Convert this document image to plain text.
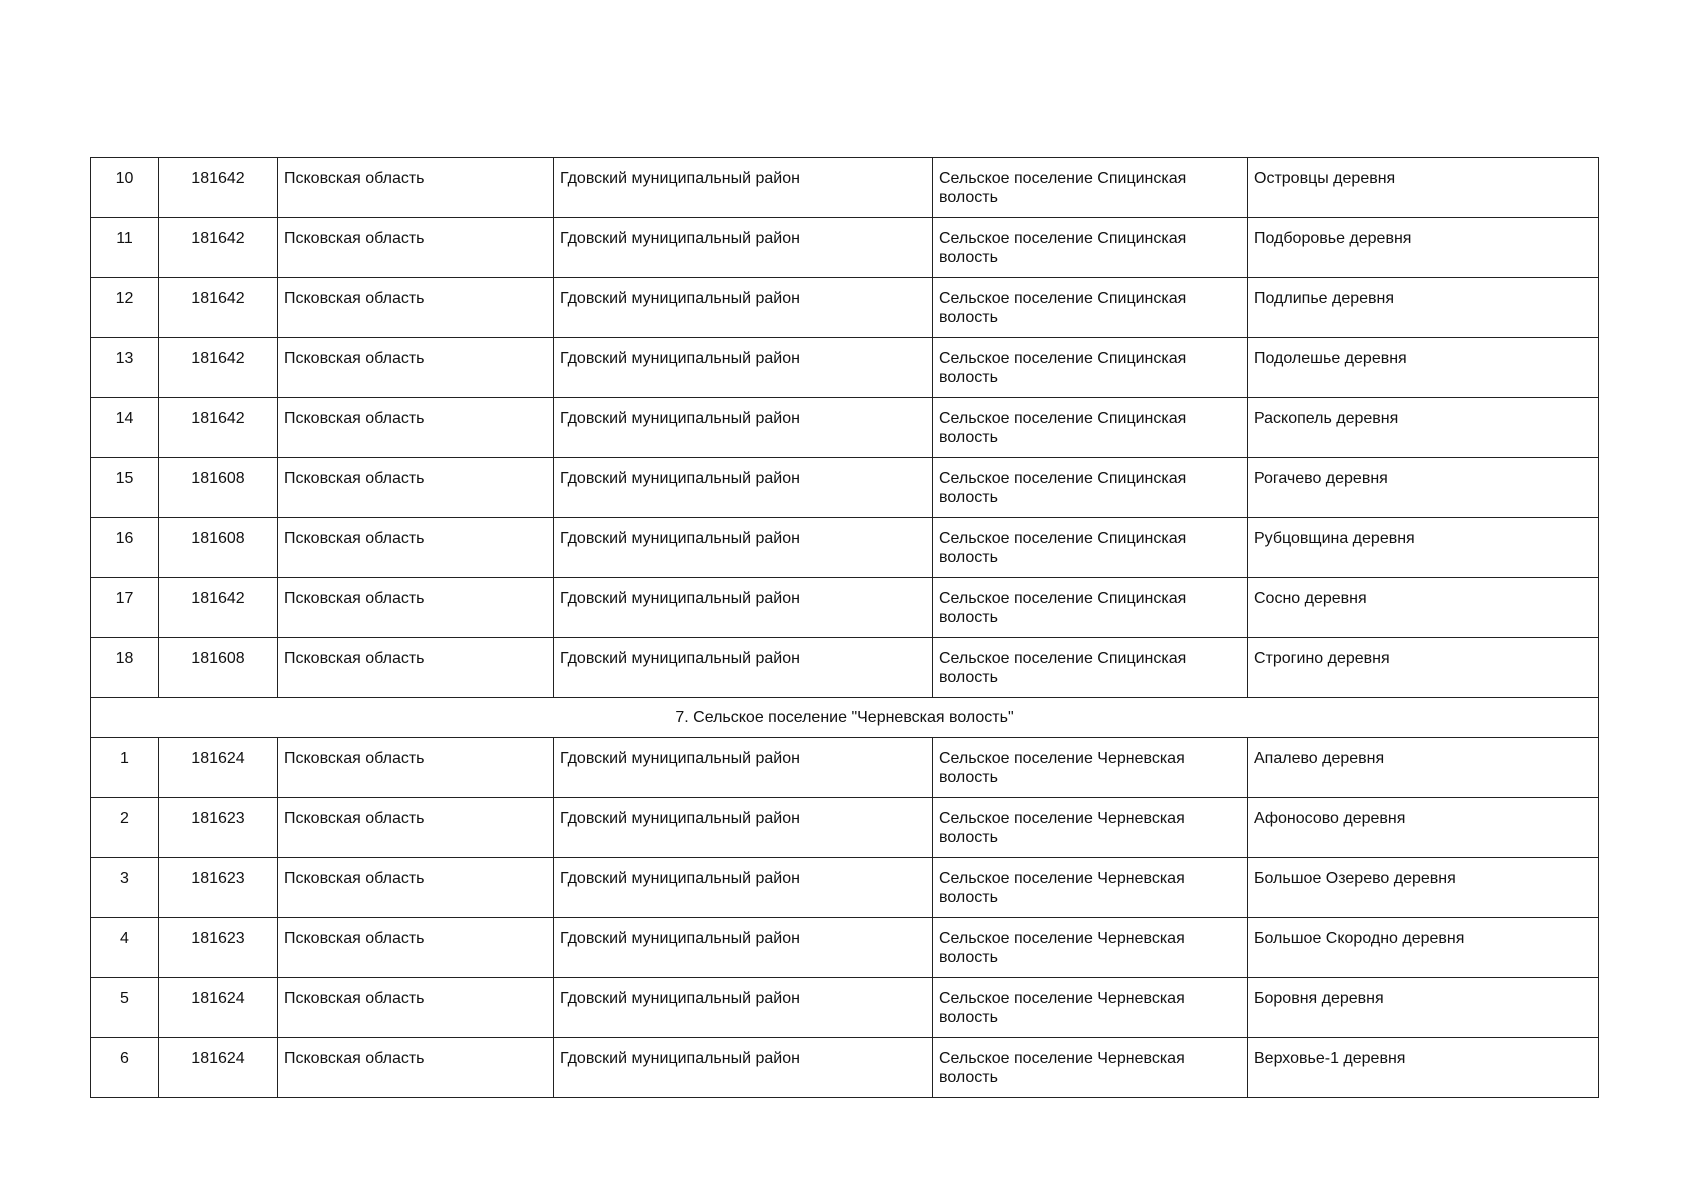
10	181642	Псковская область	Гдовский муниципальный район	Сельское поселение Спицинская волость	Островцы деревня
11	181642	Псковская область	Гдовский муниципальный район	Сельское поселение Спицинская волость	Подборовье деревня
12	181642	Псковская область	Гдовский муниципальный район	Сельское поселение Спицинская волость	Подлипье деревня
13	181642	Псковская область	Гдовский муниципальный район	Сельское поселение Спицинская волость	Подолешье деревня
14	181642	Псковская область	Гдовский муниципальный район	Сельское поселение Спицинская волость	Раскопель деревня
15	181608	Псковская область	Гдовский муниципальный район	Сельское поселение Спицинская волость	Рогачево деревня
16	181608	Псковская область	Гдовский муниципальный район	Сельское поселение Спицинская волость	Рубцовщина деревня
17	181642	Псковская область	Гдовский муниципальный район	Сельское поселение Спицинская волость	Сосно деревня
18	181608	Псковская область	Гдовский муниципальный район	Сельское поселение Спицинская волость	Строгино деревня
7. Сельское поселение "Черневская волость"					
1	181624	Псковская область	Гдовский муниципальный район	Сельское поселение Черневская волость	Апалево деревня
2	181623	Псковская область	Гдовский муниципальный район	Сельское поселение Черневская волость	Афоносово деревня
3	181623	Псковская область	Гдовский муниципальный район	Сельское поселение Черневская волость	Большое Озерево деревня
4	181623	Псковская область	Гдовский муниципальный район	Сельское поселение Черневская волость	Большое Скородно деревня
5	181624	Псковская область	Гдовский муниципальный район	Сельское поселение Черневская волость	Боровня деревня
6	181624	Псковская область	Гдовский муниципальный район	Сельское поселение Черневская волость	Верховье-1 деревня
